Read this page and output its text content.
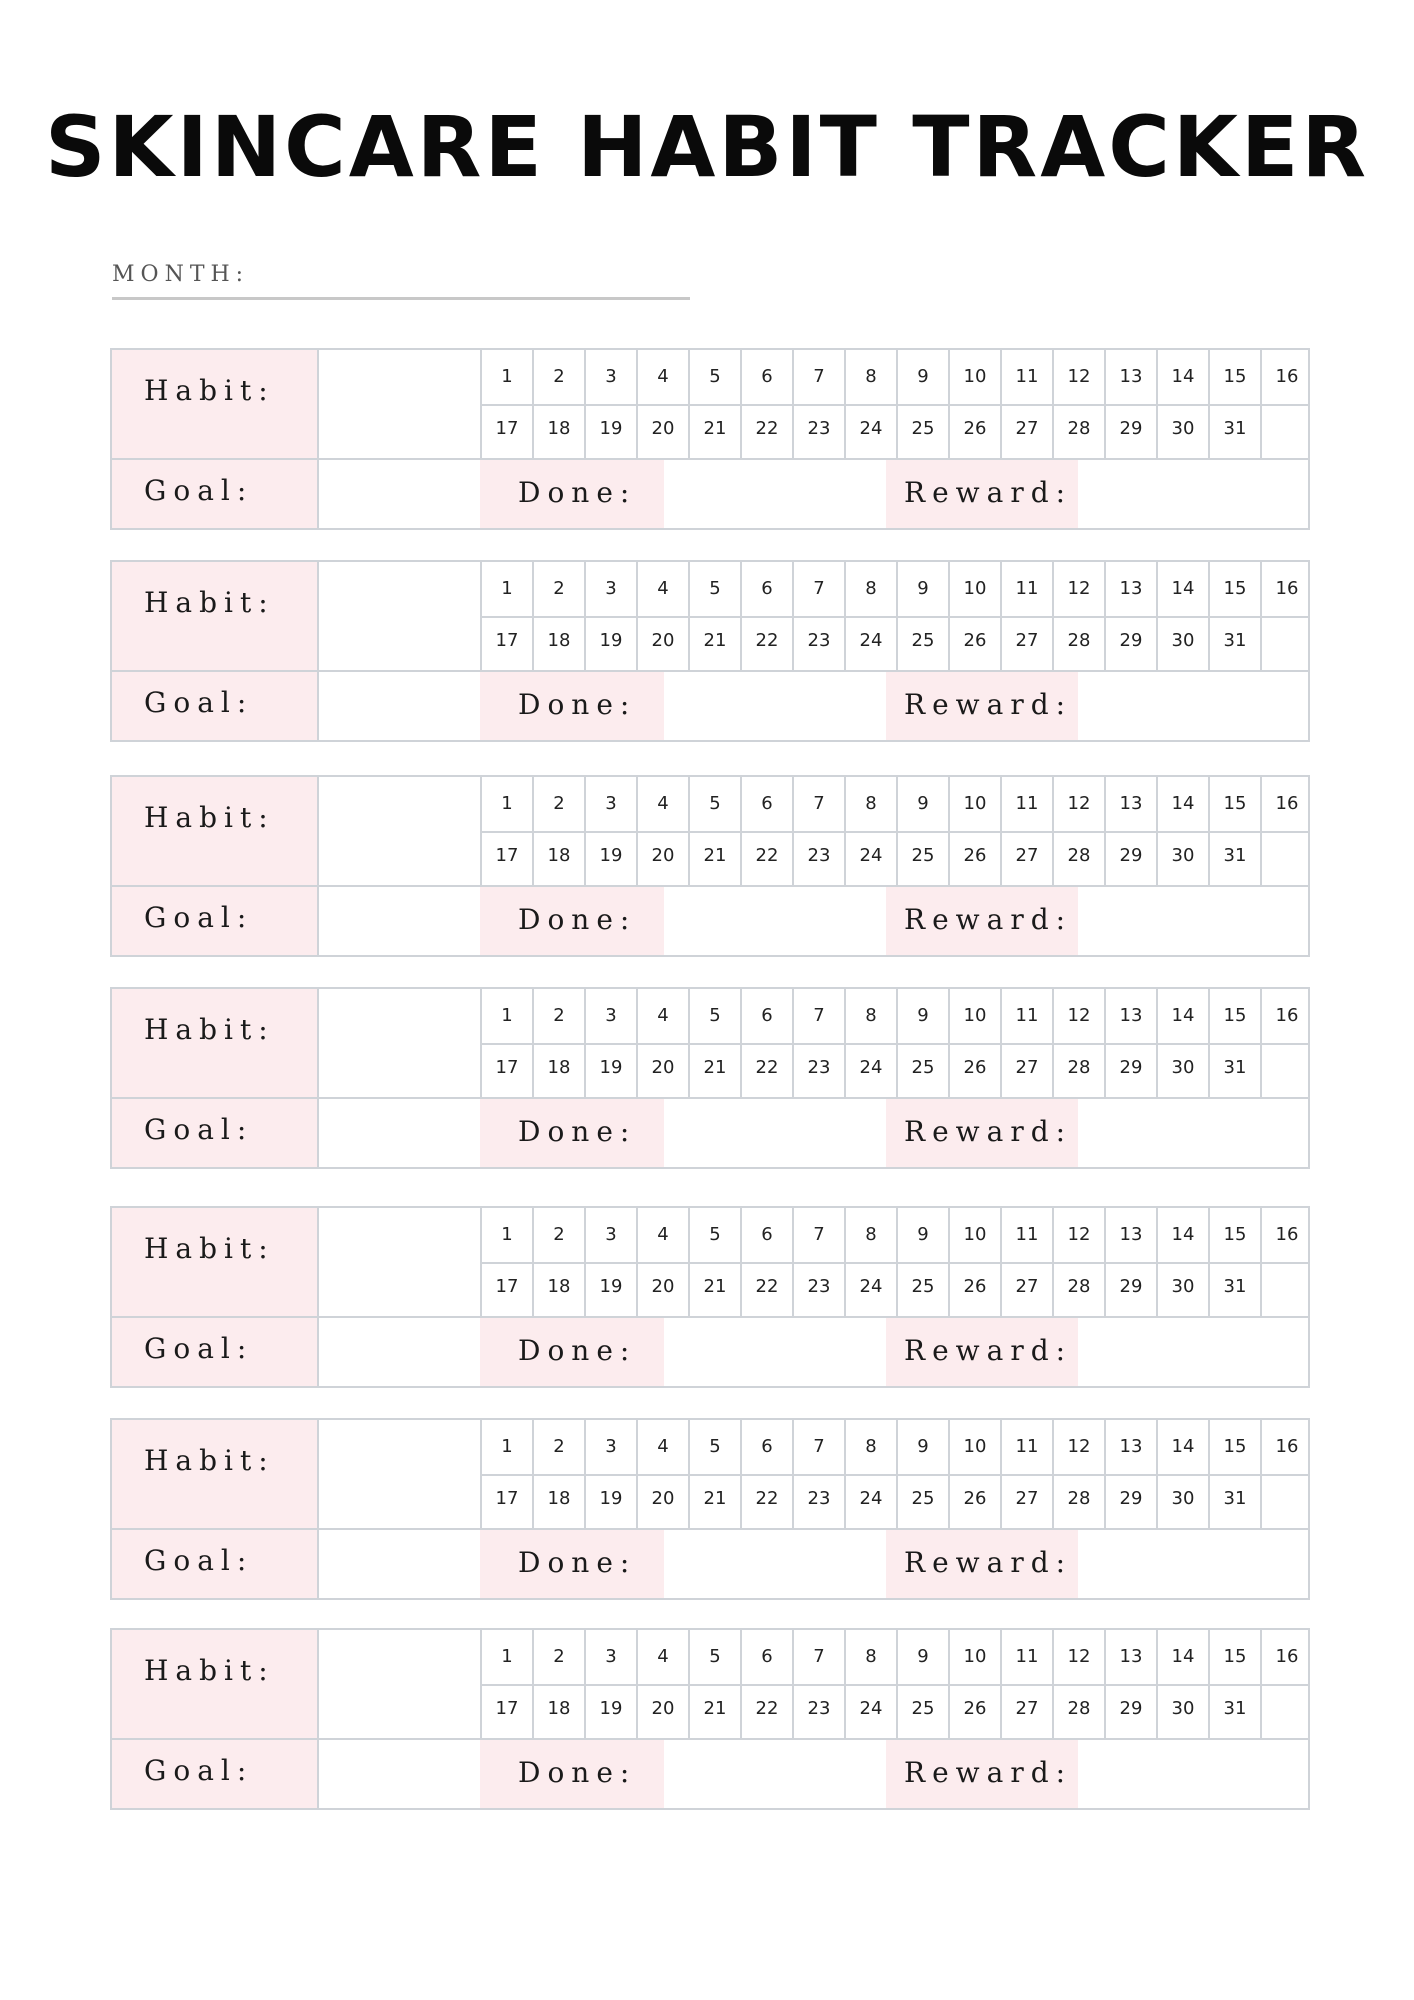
SKINCARE HABIT TRACKER
MONTH:
Habit:
Goal:	Done:	Reward:
1	2	3	4	5	6	7	8	9	10	11	12	13	14	15	16
17	18	19	20	21	22	23	24	25	26	27	28	29	30	31
Habit:
Goal:	Done:	Reward:
1	2	3	4	5	6	7	8	9	10	11	12	13	14	15	16
17	18	19	20	21	22	23	24	25	26	27	28	29	30	31
Habit:
Goal:	Done:	Reward:
1	2	3	4	5	6	7	8	9	10	11	12	13	14	15	16
17	18	19	20	21	22	23	24	25	26	27	28	29	30	31
Habit:
Goal:	Done:	Reward:
1	2	3	4	5	6	7	8	9	10	11	12	13	14	15	16
17	18	19	20	21	22	23	24	25	26	27	28	29	30	31
Habit:
Goal:	Done:	Reward:
1	2	3	4	5	6	7	8	9	10	11	12	13	14	15	16
17	18	19	20	21	22	23	24	25	26	27	28	29	30	31
Habit:
Goal:	Done:	Reward:
1	2	3	4	5	6	7	8	9	10	11	12	13	14	15	16
17	18	19	20	21	22	23	24	25	26	27	28	29	30	31
Habit:
Goal:	Done:	Reward:
1	2	3	4	5	6	7	8	9	10	11	12	13	14	15	16
17	18	19	20	21	22	23	24	25	26	27	28	29	30	31
